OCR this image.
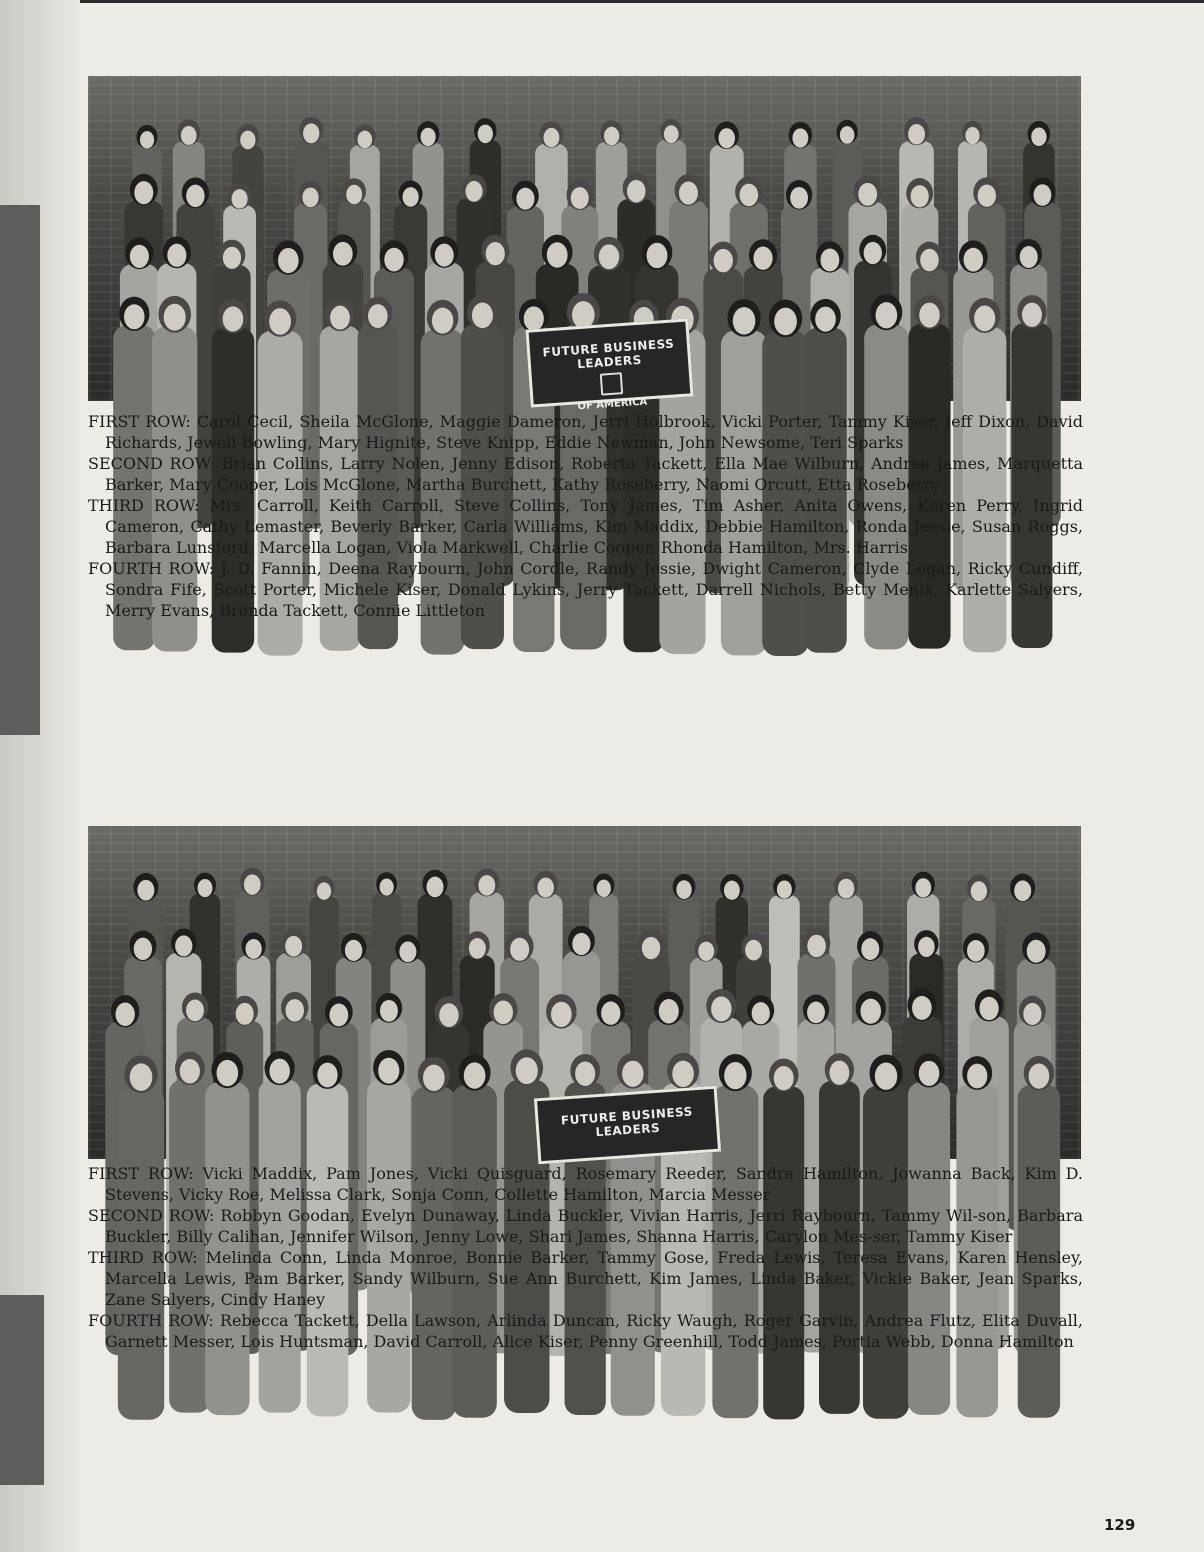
FUTURE BUSINESS LEADERS
OF AMERICA
FIRST ROW: Carol Cecil, Sheila McGlone, Maggie Dameron, Jerri Holbrook, Vicki Porter, Tammy Kiser, Jeff Dixon, David Richards, Jewell Bowling, Mary Hignite, Steve Knipp, Eddie Newman, John Newsome, Teri Sparks
SECOND ROW: Brian Collins, Larry Nolen, Jenny Edison, Roberta Tackett, Ella Mae Wilburn, Andrea James, Marquetta Barker, Mary Cooper, Lois McGlone, Martha Burchett, Kathy Roseberry, Naomi Orcutt, Etta Roseberry
THIRD ROW: Mrs. Carroll, Keith Carroll, Steve Collins, Tony James, Tim Asher, Anita Owens, Karen Perry, Ingrid Cameron, Cathy Lemaster, Beverly Barker, Carla Williams, Kim Maddix, Debbie Hamilton, Ronda Jessie, Susan Roggs, Barbara Lunsford, Marcella Logan, Viola Markwell, Charlie Cooper, Rhonda Hamilton, Mrs. Harris
FOURTH ROW: J. D. Fannin, Deena Raybourn, John Cordle, Randy Jessie, Dwight Cameron, Clyde Logan, Ricky Cundiff, Sondra Fife, Scott Porter, Michele Kiser, Donald Lykins, Jerry Tackett, Darrell Nichols, Betty Menix, Karlette Salyers, Merry Evans, Brenda Tackett, Connie Littleton
FUTURE BUSINESS LEADERS
FIRST ROW: Vicki Maddix, Pam Jones, Vicki Quisguard, Rosemary Reeder, Sandra Hamilton, Jowanna Back, Kim D. Stevens, Vicky Roe, Melissa Clark, Sonja Conn, Collette Hamilton, Marcia Messer
SECOND ROW: Robbyn Goodan, Evelyn Dunaway, Linda Buckler, Vivian Harris, Jerri Raybourn, Tammy Wil-son, Barbara Buckler, Billy Calihan, Jennifer Wilson, Jenny Lowe, Shari James, Shanna Harris, Carylon Mes-ser, Tammy Kiser
THIRD ROW: Melinda Conn, Linda Monroe, Bonnie Barker, Tammy Gose, Freda Lewis, Teresa Evans, Karen Hensley, Marcella Lewis, Pam Barker, Sandy Wilburn, Sue Ann Burchett, Kim James, Linda Baker, Vickie Baker, Jean Sparks, Zane Salyers, Cindy Haney
FOURTH ROW: Rebecca Tackett, Della Lawson, Arlinda Duncan, Ricky Waugh, Roger Garvin, Andrea Flutz, Elita Duvall, Garnett Messer, Lois Huntsman, David Carroll, Alice Kiser, Penny Greenhill, Todd James, Portia Webb, Donna Hamilton
129
